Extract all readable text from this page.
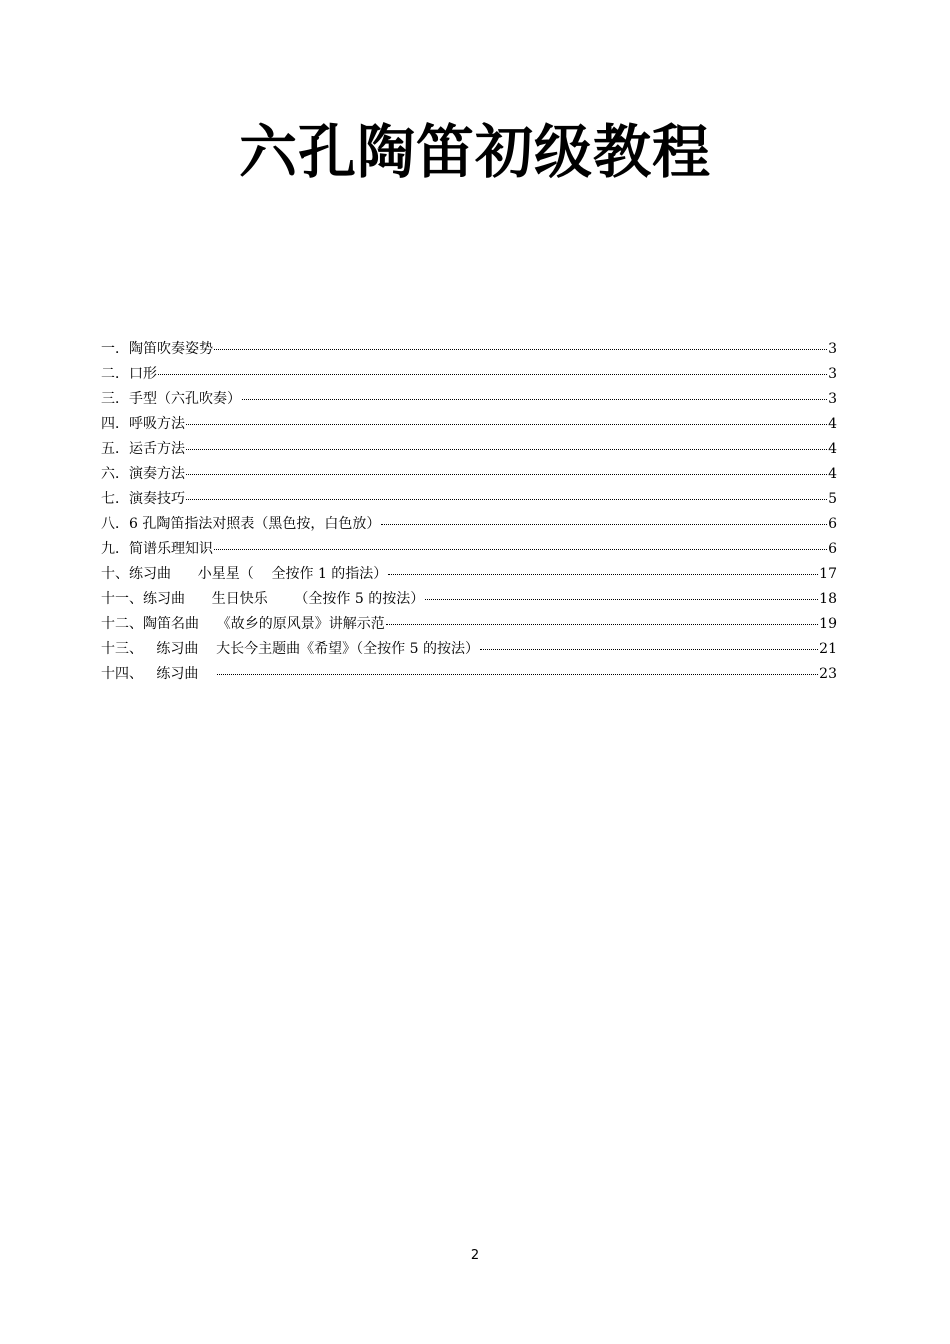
六孔陶笛初级教程
一．陶笛吹奏姿势	3
二．口形	3
三．手型（六孔吹奏）	3
四．呼吸方法	4
五．运舌方法	4
六．演奏方法	4
七．演奏技巧	5
八．6 孔陶笛指法对照表（黑色按，白色放）	6
九．简谱乐理知识	6
十、练习曲      小星星（    全按作 1 的指法）	17
十一、练习曲      生日快乐      （全按作 5 的按法）	18
十二、陶笛名曲    《故乡的原风景》讲解示范	19
十三、   练习曲    大长今主题曲《希望》（全按作 5 的按法）	21
十四、   练习曲	23
2
